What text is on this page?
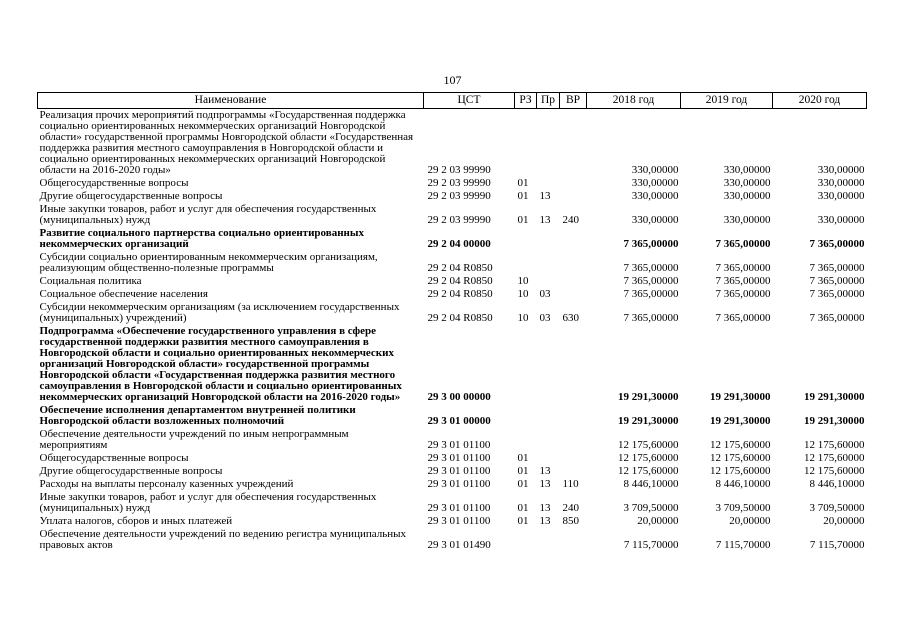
107
Наименование	ЦСТ	РЗ	Пр	ВР	2018 год	2019 год	2020 год
Реализация прочих мероприятий подпрограммы «Государственная поддержка социально ориентированных некоммерческих организаций Новгородской области» государственной программы Новгородской области «Государственная поддержка развития местного самоуправления в Новгородской области и социально ориентированных некоммерческих организаций Новгородской области на 2016-2020 годы»	29 2 03 99990				330,00000	330,00000	330,00000
Общегосударственные вопросы	29 2 03 99990	01			330,00000	330,00000	330,00000
Другие общегосударственные вопросы	29 2 03 99990	01	13		330,00000	330,00000	330,00000
Иные закупки товаров, работ и услуг для обеспечения государственных (муниципальных) нужд	29 2 03 99990	01	13	240	330,00000	330,00000	330,00000
Развитие социального партнерства социально ориентированных некоммерческих организаций	29 2 04 00000				7 365,00000	7 365,00000	7 365,00000
Субсидии социально ориентированным некоммерческим организациям, реализующим общественно-полезные программы	29 2 04 R0850				7 365,00000	7 365,00000	7 365,00000
Социальная политика	29 2 04 R0850	10			7 365,00000	7 365,00000	7 365,00000
Социальное обеспечение населения	29 2 04 R0850	10	03		7 365,00000	7 365,00000	7 365,00000
Субсидии некоммерческим организациям (за исключением государственных (муниципальных) учреждений)	29 2 04 R0850	10	03	630	7 365,00000	7 365,00000	7 365,00000
Подпрограмма «Обеспечение государственного управления в сфере государственной поддержки развития местного самоуправления в Новгородской области и социально ориентированных некоммерческих организаций Новгородской области» государственной программы Новгородской области «Государственная поддержка развития местного самоуправления в Новгородской области и социально ориентированных некоммерческих организаций Новгородской области на 2016-2020 годы»	29 3 00 00000				19 291,30000	19 291,30000	19 291,30000
Обеспечение исполнения департаментом внутренней политики Новгородской области возложенных полномочий	29 3 01 00000				19 291,30000	19 291,30000	19 291,30000
Обеспечение деятельности учреждений по иным непрограммным мероприятиям	29 3 01 01100				12 175,60000	12 175,60000	12 175,60000
Общегосударственные вопросы	29 3 01 01100	01			12 175,60000	12 175,60000	12 175,60000
Другие общегосударственные вопросы	29 3 01 01100	01	13		12 175,60000	12 175,60000	12 175,60000
Расходы на выплаты персоналу казенных учреждений	29 3 01 01100	01	13	110	8 446,10000	8 446,10000	8 446,10000
Иные закупки товаров, работ и услуг для обеспечения государственных (муниципальных) нужд	29 3 01 01100	01	13	240	3 709,50000	3 709,50000	3 709,50000
Уплата налогов, сборов и иных платежей	29 3 01 01100	01	13	850	20,00000	20,00000	20,00000
Обеспечение деятельности учреждений по ведению регистра муниципальных правовых актов	29 3 01 01490				7 115,70000	7 115,70000	7 115,70000
